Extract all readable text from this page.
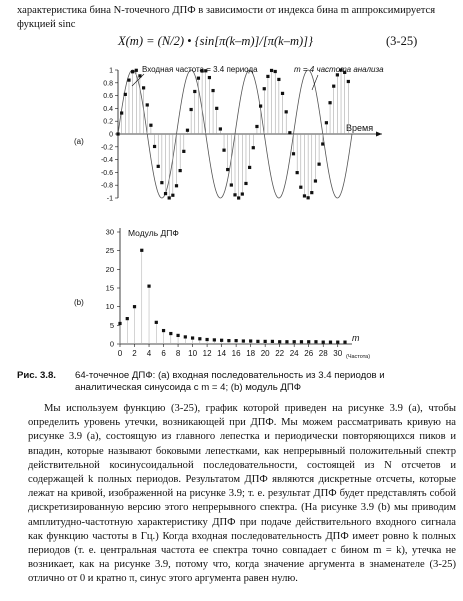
характеристика бина N-точечного ДПФ в зависимости от индекса бина m аппроксимируется фукцией sinc
X(m) = (N/2) • {sin[π(k–m)]/[π(k–m)]}	(3-25)
(a)
(b)
1
0.8
0.6
0.4
0.2
0
-0.2
-0.4
-0.6
-0.8
-1
Время
Входная частота = 3.4 периода	m = 4 частота анализа
0
5
10
15
20
25
30
0 2 4 6 8 10 12 14 16 18 20 22 24 26 28 30
Модуль ДПФ
m
(Частота)
Рис. 3.8. 64-точечное ДПФ: (a) входная последовательность из 3.4 периодов и аналитическая синусоида с m = 4; (b) модуль ДПФ
Мы используем функцию (3-25), график которой приведен на рисунке 3.9 (a), чтобы определить уровень утечки, возникающей при ДПФ. Мы можем рассматривать кривую на рисунке 3.9 (a), состоящую из главного лепестка и периодически повторяющихся пиков и впадин, которые называют боковыми лепестками, как непрерывный положительный спектр действительной косинусоидальной последовательности, состоящей из N отсчетов и содержащей k полных периодов. Результатом ДПФ являются дискретные отсчеты, которые лежат на кривой, изображенной на рисунке 3.9; т. е. результат ДПФ будет представлять собой дискретизированную версию этого непрерывного спектра. (На рисунке 3.9 (b) мы приводим амплитудно-частотную характеристику ДПФ при подаче действительного входного сигнала как функцию частоты в Гц.) Когда входная последовательность ДПФ имеет ровно k полных периодов (т. е. центральная частота ее спектра точно совпадает с бином m = k), утечка не возникает, как на рисунке 3.9, потому что, когда значение аргумента в знаменателе (3-25) отлично от 0 и кратно π, синус этого аргумента равен нулю.
